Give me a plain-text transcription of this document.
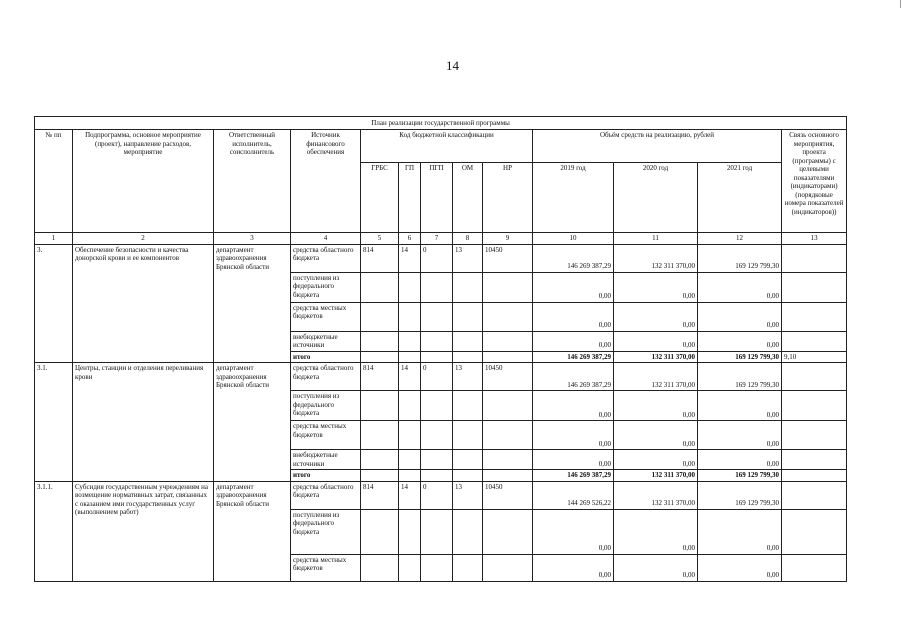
14
План реализации государственной программы												
№ пп	Подпрограмма, основное мероприятие (проект), направление расходов, мероприятие	Ответственный исполнитель, соисполнитель	Источник финансового обеспечения	Код бюджетной классификации					Объём средств на реализацию, рублей			Связь основного мероприятия, проекта (программы) с целевыми показателями (индикаторами) (порядковые номера показателей (индикаторов))
				ГРБС	ГП	ПГП	ОМ	НР	2019 год	2020 год	2021 год	
1	2	3	4	5	6	7	8	9	10	11	12	13
3.	Обеспечение безопасности и качества донорской крови и ее компонентов	департамент здравоохранения Брянской области	средства областного бюджета	814	14	0	13	10450	146 269 387,29	132 311 370,00	169 129 799,30	
			поступления из федерального бюджета						0,00	0,00	0,00	
			средства местных бюджетов						0,00	0,00	0,00	
			внебюджетные источники						0,00	0,00	0,00	
			итого						146 269 387,29	132 311 370,00	169 129 799,30	9,10
3.1.	Центры, станции и отделения переливания крови	департамент здравоохранения Брянской области	средства областного бюджета	814	14	0	13	10450	146 269 387,29	132 311 370,00	169 129 799,30	
			поступления из федерального бюджета						0,00	0,00	0,00	
			средства местных бюджетов						0,00	0,00	0,00	
			внебюджетные источники						0,00	0,00	0,00	
			итого						146 269 387,29	132 311 370,00	169 129 799,30	
3.1.1.	Субсидия государственным учреждениям на возмещение нормативных затрат, связанных с оказанием ими государственных услуг (выполнением работ)	департамент здравоохранения Брянской области	средства областного бюджета	814	14	0	13	10450	144 269 526,22	132 311 370,00	169 129 799,30	
			поступления из федерального бюджета						0,00	0,00	0,00	
			средства местных бюджетов						0,00	0,00	0,00	
